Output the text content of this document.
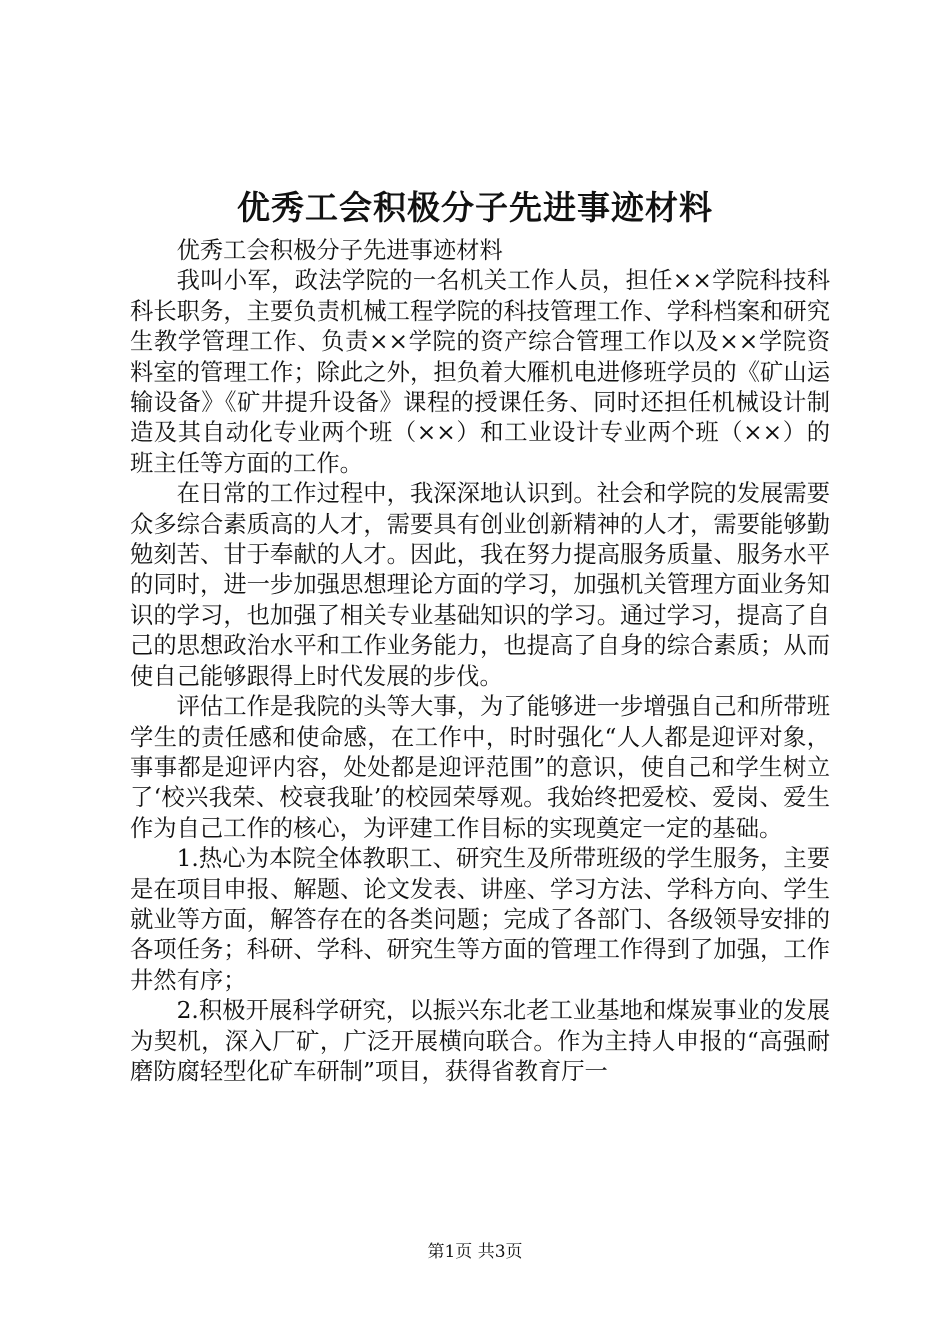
优秀工会积极分子先进事迹材料

优秀工会积极分子先进事迹材料

我叫小军，政法学院的一名机关工作人员，担任××学院科技科科长职务，主要负责机械工程学院的科技管理工作、学科档案和研究生教学管理工作、负责××学院的资产综合管理工作以及××学院资料室的管理工作；除此之外，担负着大雁机电进修班学员的《矿山运输设备》《矿井提升设备》课程的授课任务、同时还担任机械设计制造及其自动化专业两个班（××）和工业设计专业两个班（××）的班主任等方面的工作。

在日常的工作过程中，我深深地认识到。社会和学院的发展需要众多综合素质高的人才，需要具有创业创新精神的人才，需要能够勤勉刻苦、甘于奉献的人才。因此，我在努力提高服务质量、服务水平的同时，进一步加强思想理论方面的学习，加强机关管理方面业务知识的学习，也加强了相关专业基础知识的学习。通过学习，提高了自己的思想政治水平和工作业务能力，也提高了自身的综合素质；从而使自己能够跟得上时代发展的步伐。

评估工作是我院的头等大事，为了能够进一步增强自己和所带班学生的责任感和使命感，在工作中，时时强化“人人都是迎评对象，事事都是迎评内容，处处都是迎评范围”的意识，使自己和学生树立了‘校兴我荣、校衰我耻’的校园荣辱观。我始终把爱校、爱岗、爱生作为自己工作的核心，为评建工作目标的实现奠定一定的基础。

1.热心为本院全体教职工、研究生及所带班级的学生服务，主要是在项目申报、解题、论文发表、讲座、学习方法、学科方向、学生就业等方面，解答存在的各类问题；完成了各部门、各级领导安排的各项任务；科研、学科、研究生等方面的管理工作得到了加强，工作井然有序；

2.积极开展科学研究，以振兴东北老工业基地和煤炭事业的发展为契机，深入厂矿，广泛开展横向联合。作为主持人申报的“高强耐磨防腐轻型化矿车研制”项目，获得省教育厅一

第1页 共3页
